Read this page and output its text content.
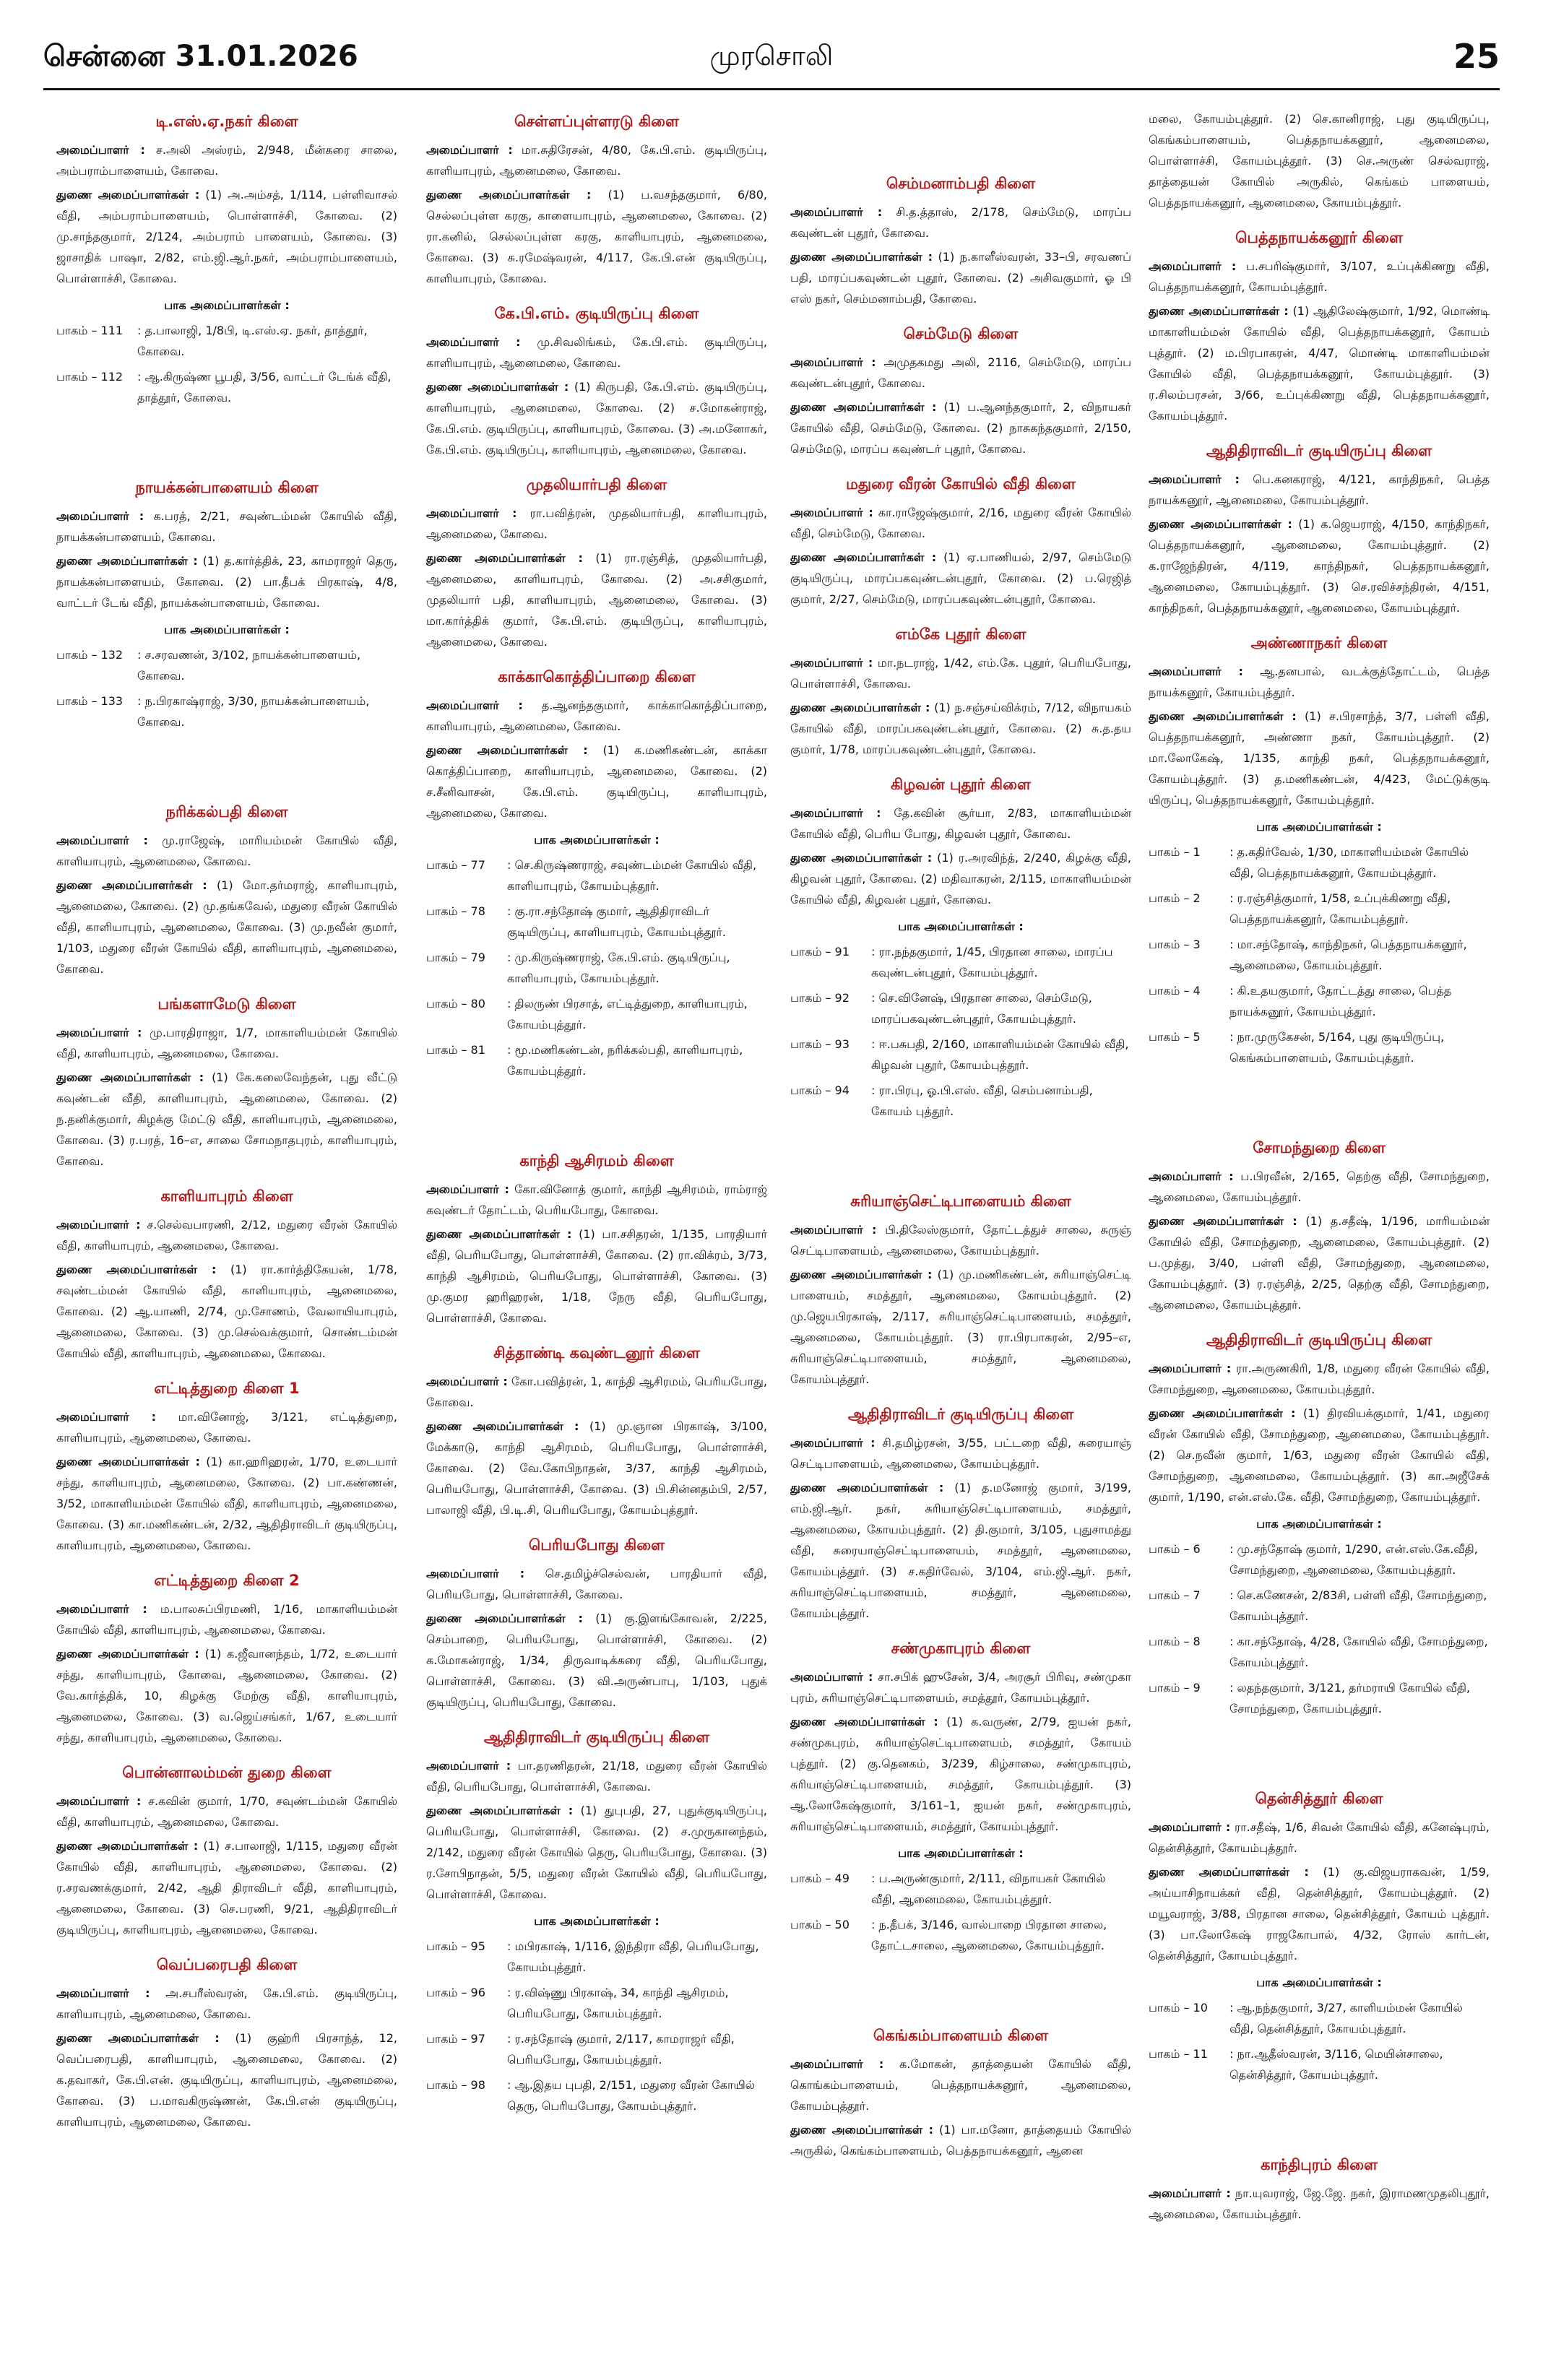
சென்னை 31.01.2026	முரசொலி	25
டி.எஸ்.ஏ.நகர் கிளை

அமைப்பாளர் : ச.அலி அஸ்ரம், 2/948, மீன்கரை சாலை, அம்பராம்பாளையம், கோவை.

துணை அமைப்பாளர்கள் : (1) அ.அம்சத், 1/114, பள்ளிவாசல் வீதி, அம்பராம்பாளையம், பொள்ளாச்சி, கோவை. (2) மு.சாந்தகுமார், 2/124, அம்பராம் பாளையம், கோவை. (3) ஜாசாதிக் பாஷா, 2/82, எம்.ஜி.ஆர்.நகர், அம்பராம்பாளையம், பொள்ளாச்சி, கோவை.

பாக அமைப்பாளர்கள் :
பாகம் – 111	: த.பாலாஜி, 1/8பி, டி.எஸ்.ஏ. நகர், தாத்தூர், கோவை.
பாகம் – 112	: ஆ.கிருஷ்ண பூபதி, 3/56, வாட்டர் டேங்க் வீதி, தாத்தூர், கோவை.
நாயக்கன்பாளையம் கிளை

அமைப்பாளர் : க.பரத், 2/21, சவுண்டம்மன் கோயில் வீதி, நாயக்கன்பாளையம், கோவை.

துணை அமைப்பாளர்கள் : (1) த.கார்த்திக், 23, காமராஜர் தெரு, நாயக்கன்பாளையம், கோவை. (2) பா.தீபக் பிரகாஷ், 4/8, வாட்டர் டேங் வீதி, நாயக்கன்பாளையம், கோவை.

பாக அமைப்பாளர்கள் :
பாகம் – 132	: ச.சரவணன், 3/102, நாயக்கன்பாளையம், கோவை.
பாகம் – 133	: ந.பிரகாஷ்ராஜ், 3/30, நாயக்கன்பாளையம், கோவை.
நரிக்கல்பதி கிளை

அமைப்பாளர் : மு.ராஜேஷ், மாரியம்மன் கோயில் வீதி, காளியாபுரம், ஆனைமலை, கோவை.

துணை அமைப்பாளர்கள் : (1) மோ.தர்மராஜ், காளியாபுரம், ஆனைமலை, கோவை. (2) மு.தங்கவேல், மதுரை வீரன் கோயில் வீதி, காளியாபுரம், ஆனைமலை, கோவை. (3) மு.நவீன் குமார், 1/103, மதுரை வீரன் கோயில் வீதி, காளியாபுரம், ஆனைமலை, கோவை.

பங்களாமேடு கிளை

அமைப்பாளர் : மு.பாரதிராஜா, 1/7, மாகாளியம்மன் கோயில் வீதி, காளியாபுரம், ஆனைமலை, கோவை.

துணை அமைப்பாளர்கள் : (1) கே.கலைவேந்தன், புது வீட்டு கவுண்டன் வீதி, காளியாபுரம், ஆனைமலை, கோவை. (2) ந.தனிக்குமார், கிழக்கு மேட்டு வீதி, காளியாபுரம், ஆனைமலை, கோவை. (3) ர.பரத், 16–எ, சாலை சோமநாதபுரம், காளியாபுரம், கோவை.

காளியாபுரம் கிளை

அமைப்பாளர் : ச.செல்வபாரணி, 2/12, மதுரை வீரன் கோயில் வீதி, காளியாபுரம், ஆனைமலை, கோவை.

துணை அமைப்பாளர்கள் : (1) ரா.கார்த்திகேயன், 1/78, சவுண்டம்மன் கோயில் வீதி, காளியாபுரம், ஆனைமலை, கோவை. (2) ஆ.யாணி, 2/74, மு.சோணம், வேலாயியாபுரம், ஆனைமலை, கோவை. (3) மு.செல்வக்குமார், சொண்டம்மன் கோயில் வீதி, காளியாபுரம், ஆனைமலை, கோவை.

எட்டித்துறை கிளை 1

அமைப்பாளர் : மா.வினோஜ், 3/121, எட்டித்துறை, காளியாபுரம், ஆனைமலை, கோவை.

துணை அமைப்பாளர்கள் : (1) கா.ஹரிஹரன், 1/70, உடையார் சந்து, காளியாபுரம், ஆனைமலை, கோவை. (2) பா.கண்ணன், 3/52, மாகாளியம்மன் கோயில் வீதி, காளியாபுரம், ஆனைமலை, கோவை. (3) கா.மணிகண்டன், 2/32, ஆதிதிராவிடர் குடியிருப்பு, காளியாபுரம், ஆனைமலை, கோவை.

எட்டித்துறை கிளை 2

அமைப்பாளர் : ம.பாலசுப்பிரமணி, 1/16, மாகாளியம்மன் கோயில் வீதி, காளியாபுரம், ஆனைமலை, கோவை.

துணை அமைப்பாளர்கள் : (1) க.ஜீவானந்தம், 1/72, உடையார் சந்து, காளியாபுரம், கோவை, ஆனைமலை, கோவை. (2) வே.கார்த்திக், 10, கிழக்கு மேற்கு வீதி, காளியாபுரம், ஆனைமலை, கோவை. (3) வ.ஜெய்சங்கர், 1/67, உடையார் சந்து, காளியாபுரம், ஆனைமலை, கோவை.

பொன்னாலம்மன் துறை கிளை

அமைப்பாளர் : ச.கவின் குமார், 1/70, சவுண்டம்மன் கோயில் வீதி, காளியாபுரம், ஆனைமலை, கோவை.

துணை அமைப்பாளர்கள் : (1) ச.பாலாஜி, 1/115, மதுரை வீரன் கோயில் வீதி, காளியாபுரம், ஆனைமலை, கோவை. (2) ர.சரவணக்குமார், 2/42, ஆதி திராவிடர் வீதி, காளியாபுரம், ஆனைமலை, கோவை. (3) செ.பரணி, 9/21, ஆதிதிராவிடர் குடியிருப்பு, காளியாபுரம், ஆனைமலை, கோவை.

வெப்பரைபதி கிளை

அமைப்பாளர் : அ.சபரீஸ்வரன், கே.பி.எம். குடியிருப்பு, காளியாபுரம், ஆனைமலை, கோவை.

துணை அமைப்பாளர்கள் : (1) குஹ்ரி பிரசாந்த், 12, வெப்பரைபதி, காளியாபுரம், ஆனைமலை, கோவை. (2) க.தவாகர், கே.பி.என். குடியிருப்பு, காளியாபுரம், ஆனைமலை, கோவை. (3) ப.மாவகிருஷ்ணன், கே.பி.என் குடியிருப்பு, காளியாபுரம், ஆனைமலை, கோவை.

செள்ளப்புள்ளரடு கிளை

அமைப்பாளர் : மா.சுதிரேசன், 4/80, கே.பி.எம். குடியிருப்பு, காளியாபுரம், ஆனைமலை, கோவை.

துணை அமைப்பாளர்கள் : (1) ப.வசந்தகுமார், 6/80, செல்லப்புள்ள கரகு, காளையாபுரம், ஆனைமலை, கோவை. (2) ரா.கனில், செல்லப்புள்ள கரகு, காளியாபுரம், ஆனைமலை, கோவை. (3) சு.ரமேஷ்வரன், 4/117, கே.பி.என் குடியிருப்பு, காளியாபுரம், கோவை.

கே.பி.எம். குடியிருப்பு கிளை

அமைப்பாளர் : மு.சிவலிங்கம், கே.பி.எம். குடியிருப்பு, காளியாபுரம், ஆனைமலை, கோவை.

துணை அமைப்பாளர்கள் : (1) கிருபதி, கே.பி.எம். குடியிருப்பு, காளியாபுரம், ஆனைமலை, கோவை. (2) ச.மோகன்ராஜ், கே.பி.எம். குடியிருப்பு, காளியாபுரம், கோவை. (3) அ.மனோகர், கே.பி.எம். குடியிருப்பு, காளியாபுரம், ஆனைமலை, கோவை.

முதலியார்பதி கிளை

அமைப்பாளர் : ரா.பவித்ரன், முதலியார்பதி, காளியாபுரம், ஆனைமலை, கோவை.

துணை அமைப்பாளர்கள் : (1) ரா.ரஞ்சித், முதலியார்பதி, ஆனைமலை, காளியாபுரம், கோவை. (2) அ.சசிகுமார், முதலியார் பதி, காளியாபுரம், ஆனைமலை, கோவை. (3) மா.கார்த்திக் குமார், கே.பி.எம். குடியிருப்பு, காளியாபுரம், ஆனைமலை, கோவை.

காக்காகொத்திப்பாறை கிளை

அமைப்பாளர் : த.ஆனந்தகுமார், காக்காகொத்திப்பாறை, காளியாபுரம், ஆனைமலை, கோவை.

துணை அமைப்பாளர்கள் : (1) க.மணிகண்டன், காக்கா கொத்திப்பாறை, காளியாபுரம், ஆனைமலை, கோவை. (2) ச.சீனிவாசன், கே.பி.எம். குடியிருப்பு, காளியாபுரம், ஆனைமலை, கோவை.

பாக அமைப்பாளர்கள் :
பாகம் – 77	: செ.கிருஷ்ணராஜ், சவுண்டம்மன் கோயில் வீதி, காளியாபுரம், கோயம்புத்தூர்.
பாகம் – 78	: கு.ரா.சந்தோஷ் குமார், ஆதிதிராவிடர் குடியிருப்பு, காளியாபுரம், கோயம்புத்தூர்.
பாகம் – 79	: மு.கிருஷ்ணராஜ், கே.பி.எம். குடியிருப்பு, காளியாபுரம், கோயம்புத்தூர்.
பாகம் – 80	: திலருண் பிரசாத், எட்டித்துறை, காளியாபுரம், கோயம்புத்தூர்.
பாகம் – 81	: மூ.மணிகண்டன், நரிக்கல்பதி, காளியாபுரம், கோயம்புத்தூர்.
காந்தி ஆசிரமம் கிளை

அமைப்பாளர் : கோ.வினோத் குமார், காந்தி ஆசிரமம், ராம்ராஜ் கவுண்டர் தோட்டம், பெரியபோது, கோவை.

துணை அமைப்பாளர்கள் : (1) பா.சசிதரன், 1/135, பாரதியார் வீதி, பெரியபோது, பொள்ளாச்சி, கோவை. (2) ரா.விக்ரம், 3/73, காந்தி ஆசிரமம், பெரியபோது, பொள்ளாச்சி, கோவை. (3) மு.குமர ஹரிஹரன், 1/18, நேரு வீதி, பெரியபோது, பொள்ளாச்சி, கோவை.

சித்தாண்டி கவுண்டனூர் கிளை

அமைப்பாளர் : கோ.பவித்ரன், 1, காந்தி ஆசிரமம், பெரியபோது, கோவை.

துணை அமைப்பாளர்கள் : (1) மு.ஞான பிரகாஷ், 3/100, மேக்காடு, காந்தி ஆசிரமம், பெரியபோது, பொள்ளாச்சி, கோவை. (2) வே.கோபிநாதன், 3/37, காந்தி ஆசிரமம், பெரியபோது, பொள்ளாச்சி, கோவை. (3) பி.சின்னதம்பி, 2/57, பாலாஜி வீதி, பி.டி.சி, பெரியபோது, கோயம்புத்தூர்.

பெரியபோது கிளை

அமைப்பாளர் : செ.தமிழ்ச்செல்வன், பாரதியார் வீதி, பெரியபோது, பொள்ளாச்சி, கோவை.

துணை அமைப்பாளர்கள் : (1) கு.இளங்கோவன், 2/225, செம்பாறை, பெரியபோது, பொள்ளாச்சி, கோவை. (2) க.மோகன்ராஜ், 1/34, திருவாடிக்கரை வீதி, பெரியபோது, பொள்ளாச்சி, கோவை. (3) வி.அருண்பாபு, 1/103, புதுக் குடியிருப்பு, பெரியபோது, கோவை.

ஆதிதிராவிடர் குடியிருப்பு கிளை

அமைப்பாளர் : பா.தரணிதரன், 21/18, மதுரை வீரன் கோயில் வீதி, பெரியபோது, பொள்ளாச்சி, கோவை.

துணை அமைப்பாளர்கள் : (1) துபுபதி, 27, புதுக்குடியிருப்பு, பெரியபோது, பொள்ளாச்சி, கோவை. (2) ச.முருகானந்தம், 2/142, மதுரை வீரன் கோயில் தெரு, பெரியபோது, கோவை. (3) ர.சோபிநாதன், 5/5, மதுரை வீரன் கோயில் வீதி, பெரியபோது, பொள்ளாச்சி, கோவை.

பாக அமைப்பாளர்கள் :
பாகம் – 95	: மபிரகாஷ், 1/116, இந்திரா வீதி, பெரியபோது, கோயம்புத்தூர்.
பாகம் – 96	: ர.விஷ்ணு பிரகாஷ், 34, காந்தி ஆசிரமம், பெரியபோது, கோயம்புத்தூர்.
பாகம் – 97	: ர.சந்தோஷ் குமார், 2/117, காமராஜர் வீதி, பெரியபோது, கோயம்புத்தூர்.
பாகம் – 98	: ஆ.இதய புபதி, 2/151, மதுரை வீரன் கோயில் தெரு, பெரியபோது, கோயம்புத்தூர்.
செம்மனாம்பதி கிளை

அமைப்பாளர் : சி.த.த்தாஸ், 2/178, செம்மேடு, மாரப்ப கவுண்டன் புதூர், கோவை.

துணை அமைப்பாளர்கள் : (1) ந.காளீஸ்வரன், 33–பி, சரவணப் பதி, மாரப்பகவுண்டன் புதூர், கோவை. (2) அசிவகுமார், ஓ பி எஸ் நகர், செம்மனாம்பதி, கோவை.

செம்மேடு கிளை

அமைப்பாளர் : அமுதகமது அலி, 2116, செம்மேடு, மாரப்ப கவுண்டன்புதூர், கோவை.

துணை அமைப்பாளர்கள் : (1) ப.ஆனந்தகுமார், 2, விநாயகர் கோயில் வீதி, செம்மேடு, கோவை. (2) நாசுகந்தகுமார், 2/150, செம்மேடு, மாரப்ப கவுண்டர் புதூர், கோவை.

மதுரை வீரன் கோயில் வீதி கிளை

அமைப்பாளர் : கா.ராஜேஷ்குமார், 2/16, மதுரை வீரன் கோயில் வீதி, செம்மேடு, கோவை.

துணை அமைப்பாளர்கள் : (1) ஏ.பாணியல், 2/97, செம்மேடு குடியிருப்பு, மாரப்பகவுண்டன்புதூர், கோவை. (2) ப.ரெஜித் குமார், 2/27, செம்மேடு, மாரப்பகவுண்டன்புதூர், கோவை.

எம்கே புதூர் கிளை

அமைப்பாளர் : மா.நடராஜ், 1/42, எம்.கே. புதூர், பெரியபோது, பொள்ளாச்சி, கோவை.

துணை அமைப்பாளர்கள் : (1) ந.சஞ்சய்விக்ரம், 7/12, விநாயகம் கோயில் வீதி, மாரப்பகவுண்டன்புதூர், கோவை. (2) சு.த.தய குமார், 1/78, மாரப்பகவுண்டன்புதூர், கோவை.

கிழவன் புதூர் கிளை

அமைப்பாளர் : தே.கவின் சூர்யா, 2/83, மாகாளியம்மன் கோயில் வீதி, பெரிய போது, கிழவன் புதூர், கோவை.

துணை அமைப்பாளர்கள் : (1) ர.அரவிந்த், 2/240, கிழக்கு வீதி, கிழவன் புதூர், கோவை. (2) மதிவாகரன், 2/115, மாகாளியம்மன் கோயில் வீதி, கிழவன் புதூர், கோவை.

பாக அமைப்பாளர்கள் :
பாகம் – 91	: ரா.நந்தகுமார், 1/45, பிரதான சாலை, மாரப்ப கவுண்டன்புதூர், கோயம்புத்தூர்.
பாகம் – 92	: செ.வினேஷ், பிரதான சாலை, செம்மேடு, மாரப்பகவுண்டன்புதூர், கோயம்புத்தூர்.
பாகம் – 93	: ஈ.பசுபதி, 2/160, மாகாளியம்மன் கோயில் வீதி, கிழவன் புதூர், கோயம்புத்தூர்.
பாகம் – 94	: ரா.பிரபு, ஓ.பி.எஸ். வீதி, செம்பனாம்பதி, கோயம் புத்தூர்.
சுரியாஞ்செட்டிபாளையம் கிளை

அமைப்பாளர் : பி.திலேஸ்குமார், தோட்டத்துச் சாலை, சுருஞ் செட்டிபாளையம், ஆனைமலை, கோயம்புத்தூர்.

துணை அமைப்பாளர்கள் : (1) மு.மணிகண்டன், சுரியாஞ்செட்டி பாளையம், சமத்தூர், ஆனைமலை, கோயம்புத்தூர். (2) மு.ஜெயபிரகாஷ், 2/117, சுரியாஞ்செட்டிபாளையம், சமத்தூர், ஆனைமலை, கோயம்புத்தூர். (3) ரா.பிரபாகரன், 2/95–எ, சுரியாஞ்செட்டிபாளையம், சமத்தூர், ஆனைமலை, கோயம்புத்தூர்.

ஆதிதிராவிடர் குடியிருப்பு கிளை

அமைப்பாளர் : சி.தமிழ்ரசன், 3/55, பட்டறை வீதி, சுரையாஞ் செட்டிபாளையம், ஆனைமலை, கோயம்புத்தூர்.

துணை அமைப்பாளர்கள் : (1) த.மனோஜ் குமார், 3/199, எம்.ஜி.ஆர். நகர், சுரியாஞ்செட்டிபாளையம், சமத்தூர், ஆனைமலை, கோயம்புத்தூர். (2) தி.குமார், 3/105, புதுசாமத்து வீதி, சுரையாஞ்செட்டிபாளையம், சமத்தூர், ஆனைமலை, கோயம்புத்தூர். (3) ச.கதிர்வேல், 3/104, எம்.ஜி.ஆர். நகர், சுரியாஞ்செட்டிபாளையம், சமத்தூர், ஆனைமலை, கோயம்புத்தூர்.

சண்முகாபுரம் கிளை

அமைப்பாளர் : சா.சபிக் ஹுசேன், 3/4, அரசூர் பிரிவு, சண்முகா புரம், சுரியாஞ்செட்டிபாளையம், சமத்தூர், கோயம்புத்தூர்.

துணை அமைப்பாளர்கள் : (1) க.வருண், 2/79, ஐயன் நகர், சண்முகபுரம், சுரியாஞ்செட்டிபாளையம், சமத்தூர், கோயம் புத்தூர். (2) கு.தெனகம், 3/239, கிழ்சாலை, சண்முகாபுரம், சுரியாஞ்செட்டிபாளையம், சமத்தூர், கோயம்புத்தூர். (3) ஆ.லோகேஷ்குமார், 3/161–1, ஐயன் நகர், சண்முகாபுரம், சுரியாஞ்செட்டிபாளையம், சமத்தூர், கோயம்புத்தூர்.

பாக அமைப்பாளர்கள் :
பாகம் – 49	: ப.அருண்குமார், 2/111, விநாயகர் கோயில் வீதி, ஆனைமலை, கோயம்புத்தூர்.
பாகம் – 50	: ந.தீபக், 3/146, வால்பாறை பிரதான சாலை, தோட்டசாலை, ஆனைமலை, கோயம்புத்தூர்.
கெங்கம்பாளையம் கிளை

அமைப்பாளர் : க.மோகன், தாத்தையன் கோயில் வீதி, கொங்கம்பாளையம், பெத்தநாயக்கனூர், ஆனைமலை, கோயம்புத்தூர்.

துணை அமைப்பாளர்கள் : (1) பா.மனோ, தாத்தையம் கோயில் அருகில், கெங்கம்பாளையம், பெத்தநாயக்கனூர், ஆனை

மலை, கோயம்புத்தூர். (2) செ.கானிராஜ், புது குடியிருப்பு, கெங்கம்பாளையம், பெத்தநாயக்கனூர், ஆனைமலை, பொள்ளாச்சி, கோயம்புத்தூர். (3) செ.அருண் செல்வராஜ், தாத்தையன் கோயில் அருகில், கெங்கம் பாளையம், பெத்தநாயக்கனூர், ஆனைமலை, கோயம்புத்தூர்.

பெத்தநாயக்கனூர் கிளை

அமைப்பாளர் : ப.சபரிஷ்குமார், 3/107, உப்புக்கிணறு வீதி, பெத்தநாயக்கனூர், கோயம்புத்தூர்.

துணை அமைப்பாளர்கள் : (1) ஆதிலேஷ்குமார், 1/92, மொண்டி மாகாளியம்மன் கோயில் வீதி, பெத்தநாயக்கனூர், கோயம் புத்தூர். (2) ம.பிரபாகரன், 4/47, மொண்டி மாகாளியம்மன் கோயில் வீதி, பெத்தநாயக்கனூர், கோயம்புத்தூர். (3) ர.சிலம்பரசன், 3/66, உப்புக்கிணறு வீதி, பெத்தநாயக்கனூர், கோயம்புத்தூர்.

ஆதிதிராவிடர் குடியிருப்பு கிளை

அமைப்பாளர் : பெ.கனகராஜ், 4/121, காந்திநகர், பெத்த நாயக்கனூர், ஆனைமலை, கோயம்புத்தூர்.

துணை அமைப்பாளர்கள் : (1) க.ஜெயராஜ், 4/150, காந்திநகர், பெத்தநாயக்கனூர், ஆனைமலை, கோயம்புத்தூர். (2) க.ராஜேந்திரன், 4/119, காந்திநகர், பெத்தநாயக்கனூர், ஆனைமலை, கோயம்புத்தூர். (3) செ.ரவிச்சந்திரன், 4/151, காந்திநகர், பெத்தநாயக்கனூர், ஆனைமலை, கோயம்புத்தூர்.

அண்ணாநகர் கிளை

அமைப்பாளர் : ஆ.தனபால், வடக்குத்தோட்டம், பெத்த நாயக்கனூர், கோயம்புத்தூர்.

துணை அமைப்பாளர்கள் : (1) ச.பிரசாந்த், 3/7, பள்ளி வீதி, பெத்தநாயக்கனூர், அண்ணா நகர், கோயம்புத்தூர். (2) மா.லோகேஷ், 1/135, காந்தி நகர், பெத்தநாயக்கனூர், கோயம்புத்தூர். (3) த.மணிகண்டன், 4/423, மேட்டுக்குடி யிருப்பு, பெத்தநாயக்கனூர், கோயம்புத்தூர்.

பாக அமைப்பாளர்கள் :
பாகம் – 1	: த.கதிர்வேல், 1/30, மாகாளியம்மன் கோயில் வீதி, பெத்தநாயக்கனூர், கோயம்புத்தூர்.
பாகம் – 2	: ர.ரஞ்சித்குமார், 1/58, உப்புக்கிணறு வீதி, பெத்தநாயக்கனூர், கோயம்புத்தூர்.
பாகம் – 3	: மா.சந்தோஷ், காந்திநகர், பெத்தநாயக்கனூர், ஆனைமலை, கோயம்புத்தூர்.
பாகம் – 4	: கி.உதயகுமார், தோட்டத்து சாலை, பெத்த நாயக்கனூர், கோயம்புத்தூர்.
பாகம் – 5	: நா.முருகேசன், 5/164, புது குடியிருப்பு, கெங்கம்பாளையம், கோயம்புத்தூர்.
சோமந்துறை கிளை

அமைப்பாளர் : ப.பிரவீன், 2/165, தெற்கு வீதி, சோமந்துறை, ஆனைமலை, கோயம்புத்தூர்.

துணை அமைப்பாளர்கள் : (1) த.சதீஷ், 1/196, மாரியம்மன் கோயில் வீதி, சோமந்துறை, ஆனைமலை, கோயம்புத்தூர். (2) ப.முத்து, 3/40, பள்ளி வீதி, சோமந்துறை, ஆனைமலை, கோயம்புத்தூர். (3) ர.ரஞ்சித், 2/25, தெற்கு வீதி, சோமந்துறை, ஆனைமலை, கோயம்புத்தூர்.

ஆதிதிராவிடர் குடியிருப்பு கிளை

அமைப்பாளர் : ரா.அருணகிரி, 1/8, மதுரை வீரன் கோயில் வீதி, சோமந்துறை, ஆனைமலை, கோயம்புத்தூர்.

துணை அமைப்பாளர்கள் : (1) திரவியக்குமார், 1/41, மதுரை வீரன் கோயில் வீதி, சோமந்துறை, ஆனைமலை, கோயம்புத்தூர். (2) செ.நவீன் குமார், 1/63, மதுரை வீரன் கோயில் வீதி, சோமந்துறை, ஆனைமலை, கோயம்புத்தூர். (3) கா.அஜீசேக் குமார், 1/190, என்.எஸ்.கே. வீதி, சோமந்துறை, கோயம்புத்தூர்.

பாக அமைப்பாளர்கள் :
பாகம் – 6	: மு.சந்தோஷ் குமார், 1/290, என்.எஸ்.கே.வீதி, சோமந்துறை, ஆனைமலை, கோயம்புத்தூர்.
பாகம் – 7	: செ.கணேசன், 2/83சி, பள்ளி வீதி, சோமந்துறை, கோயம்புத்தூர்.
பாகம் – 8	: கா.சந்தோஷ், 4/28, கோயில் வீதி, சோமந்துறை, கோயம்புத்தூர்.
பாகம் – 9	: லதந்தகுமார், 3/121, தர்மராயி கோயில் வீதி, சோமந்துறை, கோயம்புத்தூர்.
தென்சித்தூர் கிளை

அமைப்பாளர் : ரா.சதீஷ், 1/6, சிவன் கோயில் வீதி, சுனேஷ்புரம், தென்சித்தூர், கோயம்புத்தூர்.

துணை அமைப்பாளர்கள் : (1) கு.விஜயராகவன், 1/59, அய்யாசிநாயக்கர் வீதி, தென்சித்தூர், கோயம்புத்தூர். (2) மயூவராஜ், 3/88, பிரதான சாலை, தென்சித்தூர், கோயம் புத்தூர். (3) பா.லோகேஷ் ராஜகோபால், 4/32, ரோஸ் கார்டன், தென்சித்தூர், கோயம்புத்தூர்.

பாக அமைப்பாளர்கள் :
பாகம் – 10	: ஆ.நந்தகுமார், 3/27, காளியம்மன் கோயில் வீதி, தென்சித்தூர், கோயம்புத்தூர்.
பாகம் – 11	: நா.ஆதீஸ்வரன், 3/116, மெயின்சாலை, தென்சித்தூர், கோயம்புத்தூர்.
காந்திபுரம் கிளை

அமைப்பாளர் : நா.யுவராஜ், ஜே.ஜே. நகர், இராமணமுதலிபுதூர், ஆனைமலை, கோயம்புத்தூர்.
